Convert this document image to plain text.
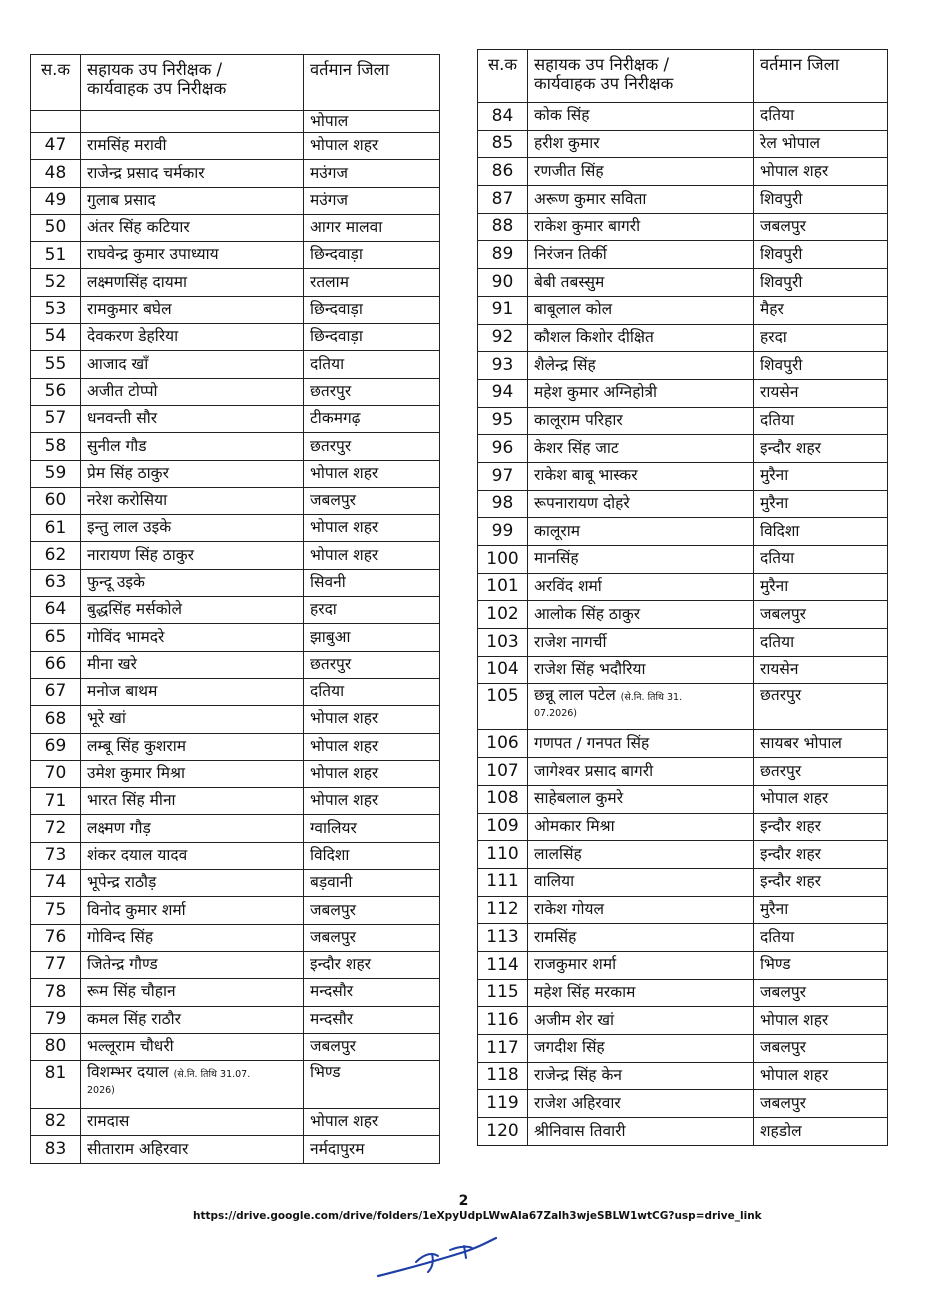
स.क	सहायक उप निरीक्षक /
कार्यवाहक उप निरीक्षक	वर्तमान जिला
		भोपाल
47	रामसिंह मरावी	भोपाल शहर
48	राजेन्द्र प्रसाद चर्मकार	मउंगज
49	गुलाब प्रसाद	मउंगज
50	अंतर सिंह कटियार	आगर मालवा
51	राघवेन्द्र कुमार उपाध्याय	छिन्दवाड़ा
52	लक्ष्मणसिंह दायमा	रतलाम
53	रामकुमार बघेल	छिन्दवाड़ा
54	देवकरण डेहरिया	छिन्दवाड़ा
55	आजाद खाँ	दतिया
56	अजीत टोप्पो	छतरपुर
57	धनवन्ती सौर	टीकमगढ़
58	सुनील गौड	छतरपुर
59	प्रेम सिंह ठाकुर	भोपाल शहर
60	नरेश करोसिया	जबलपुर
61	इन्तु लाल उइके	भोपाल शहर
62	नारायण सिंह ठाकुर	भोपाल शहर
63	फुन्दू उइके	सिवनी
64	बुद्धसिंह मर्सकोले	हरदा
65	गोविंद भामदरे	झाबुआ
66	मीना खरे	छतरपुर
67	मनोज बाथम	दतिया
68	भूरे खां	भोपाल शहर
69	लम्बू सिंह कुशराम	भोपाल शहर
70	उमेश कुमार मिश्रा	भोपाल शहर
71	भारत सिंह मीना	भोपाल शहर
72	लक्ष्मण गौड़	ग्वालियर
73	शंकर दयाल यादव	विदिशा
74	भूपेन्द्र राठौड़	बड़वानी
75	विनोद कुमार शर्मा	जबलपुर
76	गोविन्द सिंह	जबलपुर
77	जितेन्द्र गौण्ड	इन्दौर शहर
78	रूम सिंह चौहान	मन्दसौर
79	कमल सिंह राठौर	मन्दसौर
80	भल्लूराम चौधरी	जबलपुर
81	विशम्भर दयाल (से.नि. तिथि 31.07.
2026)	भिण्ड
82	रामदास	भोपाल शहर
83	सीताराम अहिरवार	नर्मदापुरम
स.क	सहायक उप निरीक्षक /
कार्यवाहक उप निरीक्षक	वर्तमान जिला
84	कोक सिंह	दतिया
85	हरीश कुमार	रेल भोपाल
86	रणजीत सिंह	भोपाल शहर
87	अरूण कुमार सविता	शिवपुरी
88	राकेश कुमार बागरी	जबलपुर
89	निरंजन तिर्की	शिवपुरी
90	बेबी तबस्सुम	शिवपुरी
91	बाबूलाल कोल	मैहर
92	कौशल किशोर दीक्षित	हरदा
93	शैलेन्द्र सिंह	शिवपुरी
94	महेश कुमार अग्निहोत्री	रायसेन
95	कालूराम परिहार	दतिया
96	केशर सिंह जाट	इन्दौर शहर
97	राकेश बाबू भास्कर	मुरैना
98	रूपनारायण दोहरे	मुरैना
99	कालूराम	विदिशा
100	मानसिंह	दतिया
101	अरविंद शर्मा	मुरैना
102	आलोक सिंह ठाकुर	जबलपुर
103	राजेश नागर्ची	दतिया
104	राजेश सिंह भदौरिया	रायसेन
105	छन्नू लाल पटेल (से.नि. तिथि 31.
07.2026)	छतरपुर
106	गणपत / गनपत सिंह	सायबर भोपाल
107	जागेश्वर प्रसाद बागरी	छतरपुर
108	साहेबलाल कुमरे	भोपाल शहर
109	ओमकार मिश्रा	इन्दौर शहर
110	लालसिंह	इन्दौर शहर
111	वालिया	इन्दौर शहर
112	राकेश गोयल	मुरैना
113	रामसिंह	दतिया
114	राजकुमार शर्मा	भिण्ड
115	महेश सिंह मरकाम	जबलपुर
116	अजीम शेर खां	भोपाल शहर
117	जगदीश सिंह	जबलपुर
118	राजेन्द्र सिंह केन	भोपाल शहर
119	राजेश अहिरवार	जबलपुर
120	श्रीनिवास तिवारी	शहडोल
2
https://drive.google.com/drive/folders/1eXpyUdpLWwAIa67Zalh3wjeSBLW1wtCG?usp=drive_link
